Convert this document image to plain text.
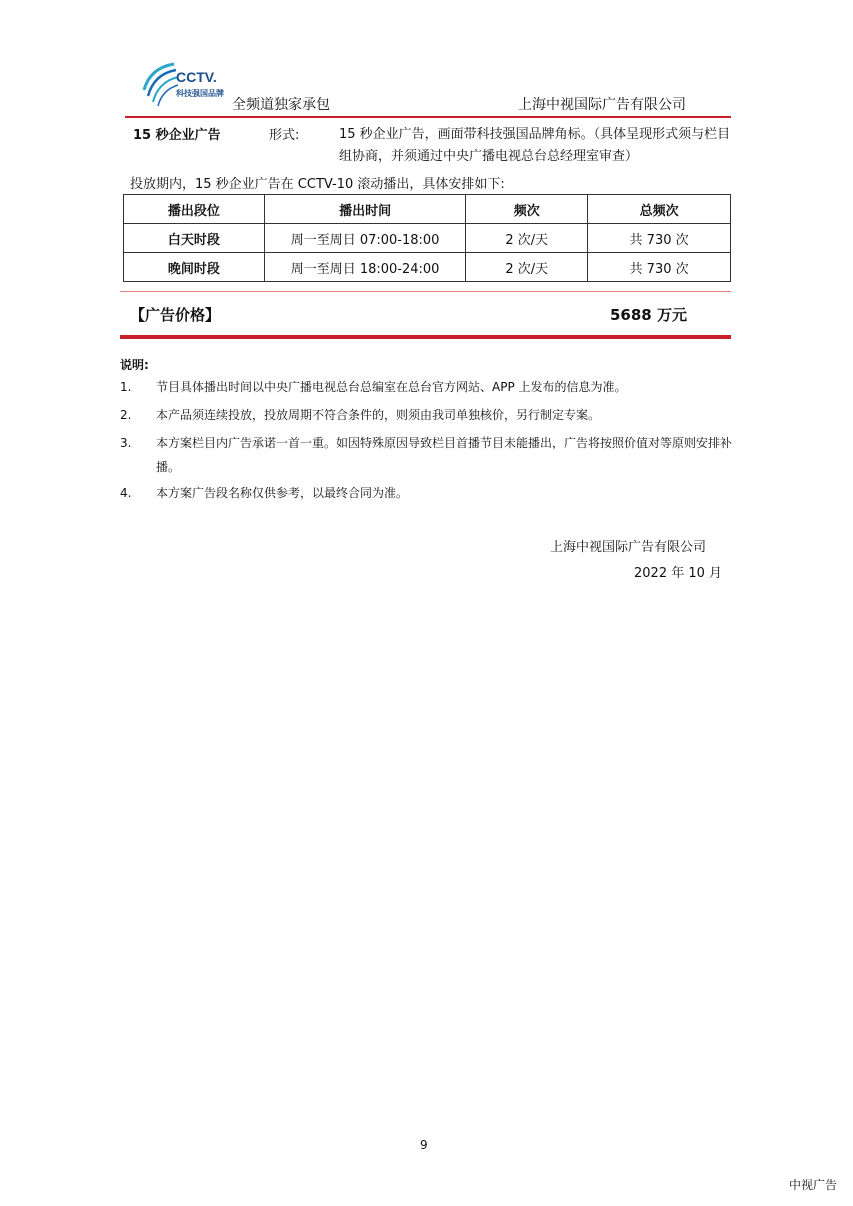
CCTV.
科技强国品牌
全频道独家承包	上海中视国际广告有限公司
15 秒企业广告	形式:	15 秒企业广告，画面带科技强国品牌角标。（具体呈现形式须与栏目组协商，并须通过中央广播电视总台总经理室审查）
投放期内，15 秒企业广告在 CCTV-10 滚动播出，具体安排如下:
播出段位	播出时间	频次	总频次
白天时段	周一至周日 07:00-18:00	2 次/天	共 730 次
晚间时段	周一至周日 18:00-24:00	2 次/天	共 730 次
【广告价格】	5688 万元
说明:
1. 节目具体播出时间以中央广播电视总台总编室在总台官方网站、APP 上发布的信息为准。
2. 本产品须连续投放，投放周期不符合条件的，则须由我司单独核价，另行制定专案。
3. 本方案栏目内广告承诺一首一重。如因特殊原因导致栏目首播节目未能播出，广告将按照价值对等原则安排补播。
4. 本方案广告段名称仅供参考，以最终合同为准。
上海中视国际广告有限公司
2022 年 10 月
9
中视广告
